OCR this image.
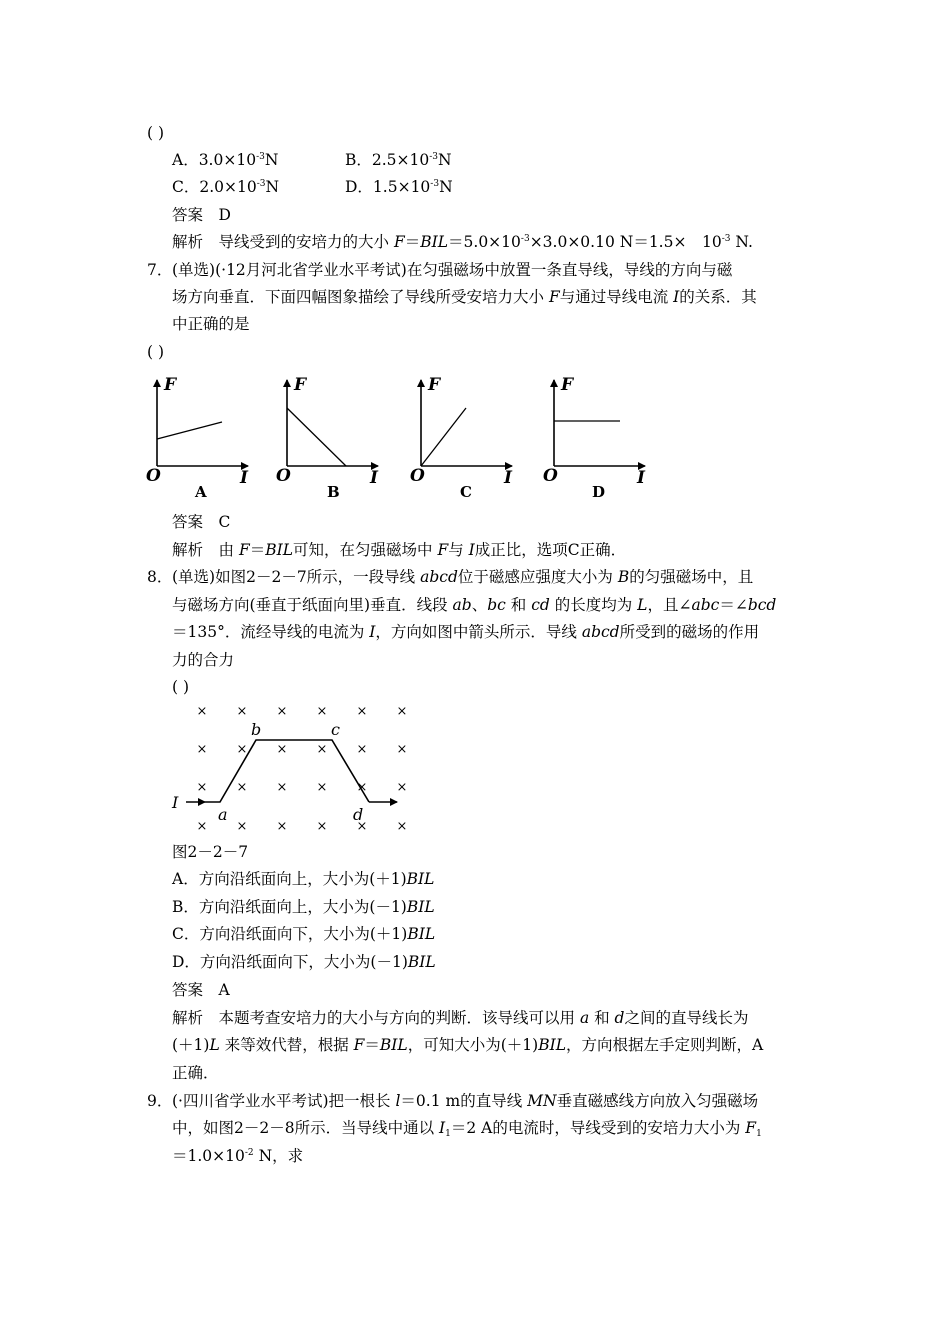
( )
A．$3.0\times 10^{-3}N$	B．$2.5\times 10^{-3}N$
C．$2.0\times 10^{-3}N$	D．$1.5\times 10^{-3}N$
答案　D
解析　导线受到的安培力的大小 $F=BIL=5.0\times 10^{-3}\times 3.0\times 0.10$ N＝1.5×　$10^{-3}$ N.
7． (单选)(·12月河北省学业水平考试)在匀强磁场中放置一条直导线，导线的方向与磁
场方向垂直．下面四幅图象描绘了导线所受安培力大小 F与通过导线电流 I的关系．其
中正确的是
( )
F
O	I
A
F
O	I
B
F
O	I
C
F
O	I
D
答案　C
解析　由 F＝BIL可知，在匀强磁场中 F与 I成正比，选项C正确．
8． (单选)如图2－2－7所示，一段导线 abcd位于磁感应强度大小为 B的匀强磁场中，且
与磁场方向(垂直于纸面向里)垂直．线段 ab、bc 和 cd 的长度均为 L，且∠abc＝∠bcd
＝135°．流经导线的电流为 I，方向如图中箭头所示．导线 abcd所受到的磁场的作用
力的合力
( )
× × × × × ×
× × × × × ×
× × × × × ×
× × × × × ×
I
a
b	c
d
图2－2－7
A．方向沿纸面向上，大小为(＋1)BIL
B．方向沿纸面向上，大小为(－1)BIL
C．方向沿纸面向下，大小为(＋1)BIL
D．方向沿纸面向下，大小为(－1)BIL
答案　A
解析　本题考查安培力的大小与方向的判断．该导线可以用 a 和 d之间的直导线长为
(＋1)L 来等效代替，根据 F＝BIL，可知大小为(＋1)BIL，方向根据左手定则判断，A
正确．
9． (·四川省学业水平考试)把一根长 l＝0.1 m的直导线 MN垂直磁感线方向放入匀强磁场
中，如图2－2－8所示．当导线中通以 $I_1=2$ A的电流时，导线受到的安培力大小为 $F_1$
$=1.0\times 10^{-2}$ N，求
